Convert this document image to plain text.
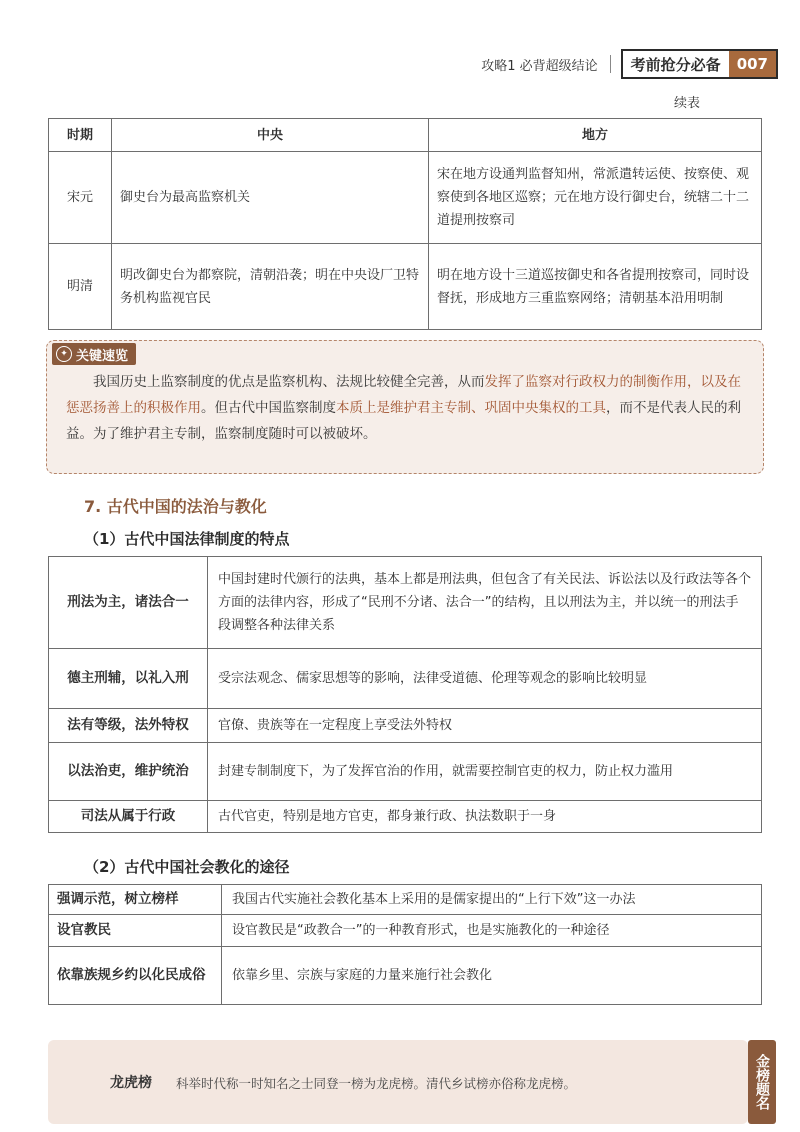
攻略1 必背超级结论	考前抢分必备	007
续表
时期	中央	地方
宋元	御史台为最高监察机关	宋在地方设通判监督知州，常派遣转运使、按察使、观察使到各地区巡察；元在地方设行御史台，统辖二十二道提刑按察司
明清	明改御史台为都察院，清朝沿袭；明在中央设厂卫特务机构监视官民	明在地方设十三道巡按御史和各省提刑按察司，同时设督抚，形成地方三重监察网络；清朝基本沿用明制
✦ 关键速览
我国历史上监察制度的优点是监察机构、法规比较健全完善，从而发挥了监察对行政权力的制衡作用，以及在惩恶扬善上的积极作用。但古代中国监察制度本质上是维护君主专制、巩固中央集权的工具，而不是代表人民的利益。为了维护君主专制，监察制度随时可以被破坏。
7. 古代中国的法治与教化
（1）古代中国法律制度的特点
刑法为主，诸法合一	中国封建时代颁行的法典，基本上都是刑法典，但包含了有关民法、诉讼法以及行政法等各个方面的法律内容，形成了“民刑不分诸、法合一”的结构，且以刑法为主，并以统一的刑法手段调整各种法律关系
德主刑辅，以礼入刑	受宗法观念、儒家思想等的影响，法律受道德、伦理等观念的影响比较明显
法有等级，法外特权	官僚、贵族等在一定程度上享受法外特权
以法治吏，维护统治	封建专制制度下，为了发挥官治的作用，就需要控制官吏的权力，防止权力滥用
司法从属于行政	古代官吏，特别是地方官吏，都身兼行政、执法数职于一身
（2）古代中国社会教化的途径
强调示范，树立榜样	我国古代实施社会教化基本上采用的是儒家提出的“上行下效”这一办法
设官教民	设官教民是“政教合一”的一种教育形式，也是实施教化的一种途径
依靠族规乡约以化民成俗	依靠乡里、宗族与家庭的力量来施行社会教化
龙虎榜 科举时代称一时知名之士同登一榜为龙虎榜。清代乡试榜亦俗称龙虎榜。	金榜题名
